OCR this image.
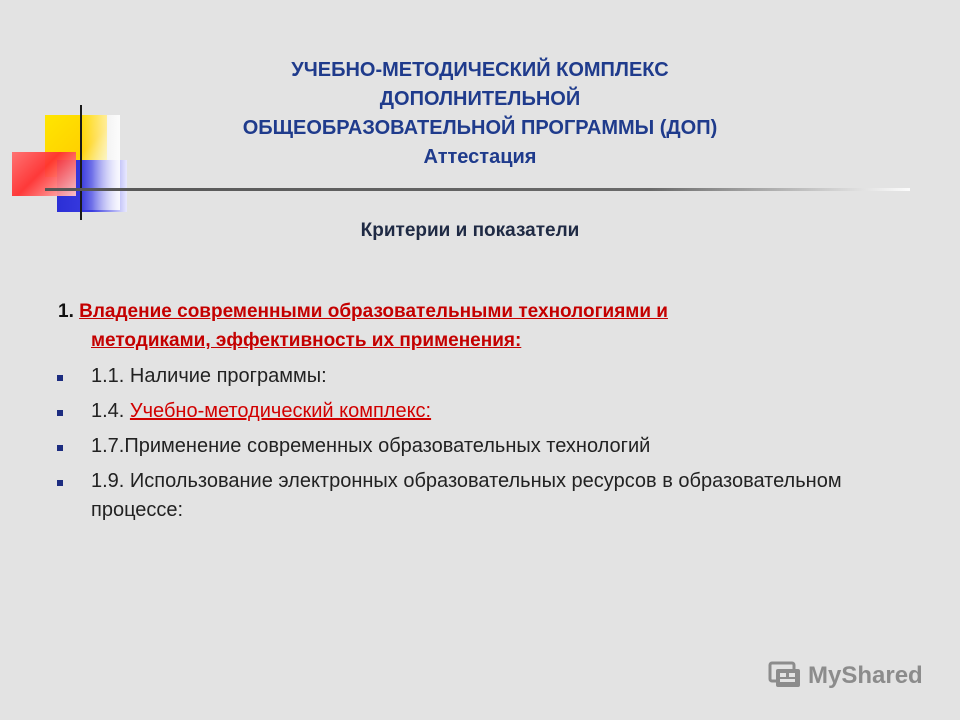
УЧЕБНО-МЕТОДИЧЕСКИЙ КОМПЛЕКС
ДОПОЛНИТЕЛЬНОЙ
ОБЩЕОБРАЗОВАТЕЛЬНОЙ ПРОГРАММЫ (ДОП)
Аттестация
Критерии и показатели
1. Владение современными образовательными технологиями и
методиками, эффективность их применения:
1.1. Наличие программы:
1.4. Учебно-методический комплекс:
1.7.Применение современных образовательных технологий
1.9. Использование электронных образовательных ресурсов в образовательном процессе:
MyShared
